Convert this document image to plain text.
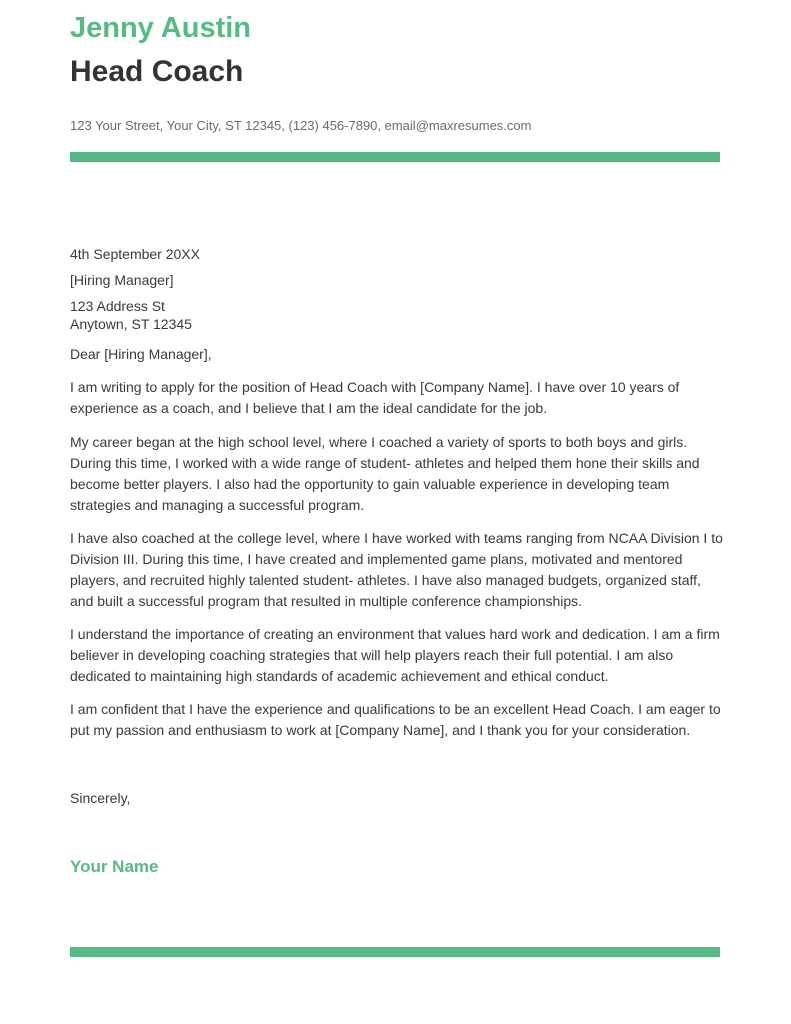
Jenny Austin
Head Coach
123 Your Street, Your City, ST 12345, (123) 456-7890, email@maxresumes.com
4th September 20XX
[Hiring Manager]
123 Address St
Anytown, ST 12345
Dear [Hiring Manager],

I am writing to apply for the position of Head Coach with [Company Name]. I have over 10 years of experience as a coach, and I believe that I am the ideal candidate for the job.

My career began at the high school level, where I coached a variety of sports to both boys and girls. During this time, I worked with a wide range of student- athletes and helped them hone their skills and become better players. I also had the opportunity to gain valuable experience in developing team strategies and managing a successful program.

I have also coached at the college level, where I have worked with teams ranging from NCAA Division I to Division III. During this time, I have created and implemented game plans, motivated and mentored players, and recruited highly talented student- athletes. I have also managed budgets, organized staff, and built a successful program that resulted in multiple conference championships.

I understand the importance of creating an environment that values hard work and dedication. I am a firm believer in developing coaching strategies that will help players reach their full potential. I am also dedicated to maintaining high standards of academic achievement and ethical conduct.

I am confident that I have the experience and qualifications to be an excellent Head Coach. I am eager to put my passion and enthusiasm to work at [Company Name], and I thank you for your consideration.

Sincerely,
Your Name
